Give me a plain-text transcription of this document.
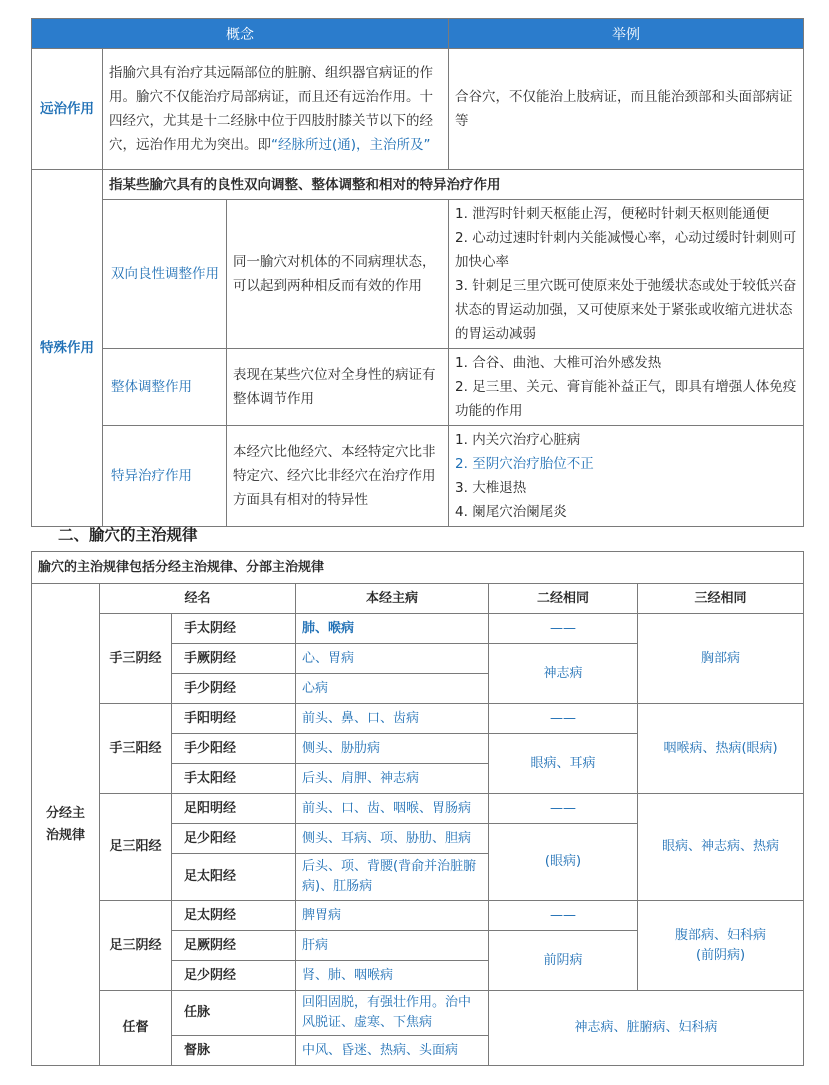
概念			举例
远治作用	指腧穴具有治疗其远隔部位的脏腑、组织器官病证的作用。腧穴不仅能治疗局部病证，而且还有远治作用。十四经穴，尤其是十二经脉中位于四肢肘膝关节以下的经穴，远治作用尤为突出。即“经脉所过(通)，主治所及”		合谷穴，不仅能治上肢病证，而且能治颈部和头面部病证等
特殊作用	指某些腧穴具有的良性双向调整、整体调整和相对的特异治疗作用		
	双向良性调整作用	同一腧穴对机体的不同病理状态，可以起到两种相反而有效的作用	1. 泄泻时针刺天枢能止泻，便秘时针刺天枢则能通便
2. 心动过速时针刺内关能减慢心率，心动过缓时针刺则可加快心率
3. 针刺足三里穴既可使原来处于弛缓状态或处于较低兴奋状态的胃运动加强，又可使原来处于紧张或收缩亢进状态的胃运动减弱

	整体调整作用	表现在某些穴位对全身性的病证有整体调节作用	1. 合谷、曲池、大椎可治外感发热
2. 足三里、关元、膏肓能补益正气，即具有增强人体免疫功能的作用

	特异治疗作用	本经穴比他经穴、本经特定穴比非特定穴、经穴比非经穴在治疗作用方面具有相对的特异性	1. 内关穴治疗心脏病
2. 至阴穴治疗胎位不正
3. 大椎退热
4. 阑尾穴治阑尾炎
二、腧穴的主治规律
腧穴的主治规律包括分经主治规律、分部主治规律					

分经主
治规律	经名		本经主病	二经相同	三经相同
	手三阴经	手太阴经	肺、喉病	——	胸部病
		手厥阴经	心、胃病	神志病	
		手少阴经	心病		
	手三阳经	手阳明经	前头、鼻、口、齿病	——	咽喉病、热病(眼病)
		手少阳经	侧头、胁肋病	眼病、耳病	
		手太阳经	后头、肩胛、神志病		
	足三阳经	足阳明经	前头、口、齿、咽喉、胃肠病	——	眼病、神志病、热病
		足少阳经	侧头、耳病、项、胁肋、胆病	(眼病)	
		足太阳经	后头、项、背腰(背俞并治脏腑病)、肛肠病		
	足三阴经	足太阴经	脾胃病	——	腹部病、妇科病
(前阴病)

		足厥阴经	肝病	前阴病	
		足少阴经	肾、肺、咽喉病		
	任督	任脉	回阳固脱，有强壮作用。治中风脱证、虚寒、下焦病	神志病、脏腑病、妇科病	
		督脉	中风、昏迷、热病、头面病		
